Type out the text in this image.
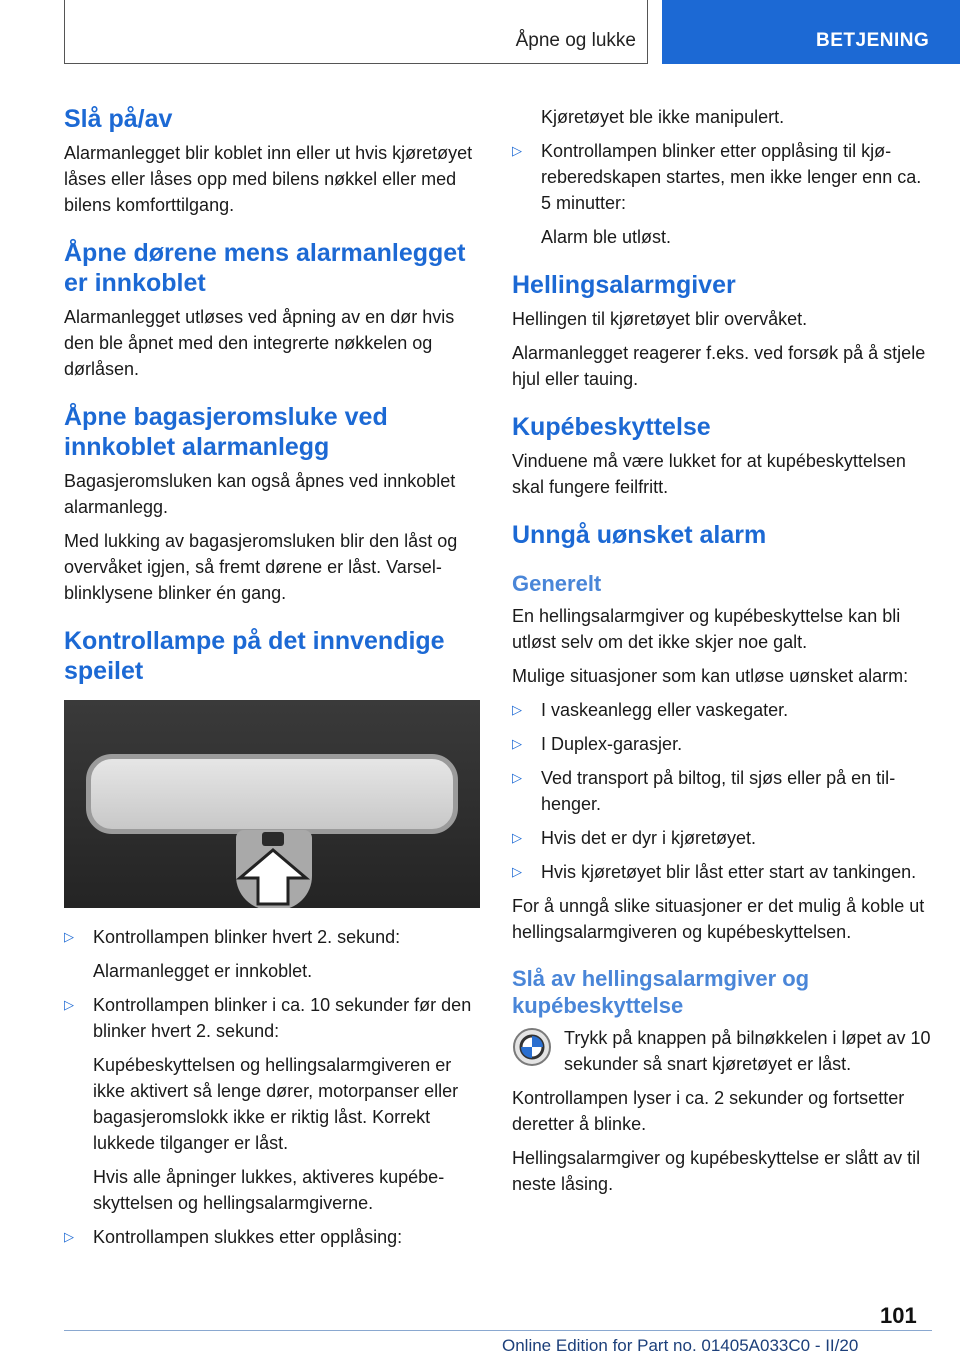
Åpne og lukke	BETJENING
Slå på/av

Alarmanlegget blir koblet inn eller ut hvis kjøretøyet låses eller låses opp med bilens nøkkel eller med bilens komforttilgang.

Åpne dørene mens alarmanlegget er innkoblet

Alarmanlegget utløses ved åpning av en dør hvis den ble åpnet med den integrerte nøkkelen og dørlåsen.

Åpne bagasjeromsluke ved innkoblet alarmanlegg

Bagasjeromsluken kan også åpnes ved innkoblet alarmanlegg.

Med lukking av bagasjeromsluken blir den låst og overvåket igjen, så fremt dørene er låst. Varselblinklysene blinker én gang.

Kontrollampe på det innvendige speilet
▷ Kontrollampen blinker hvert 2. sekund:
Alarmanlegget er innkoblet.
▷ Kontrollampen blinker i ca. 10 sekunder før den blinker hvert 2. sekund:
Kupébeskyttelsen og hellingsalarmgiveren er ikke aktivert så lenge dører, motorpanser eller bagasjeromslokk ikke er riktig låst. Korrekt lukkede tilganger er låst.
Hvis alle åpninger lukkes, aktiveres kupébeskyttelsen og hellingsalarmgiverne.
▷ Kontrollampen slukkes etter opplåsing:
Kjøretøyet ble ikke manipulert.
▷ Kontrollampen blinker etter opplåsing til kjøreberedskapen startes, men ikke lenger enn ca. 5 minutter:
Alarm ble utløst.
Hellingsalarmgiver

Hellingen til kjøretøyet blir overvåket.

Alarmanlegget reagerer f.eks. ved forsøk på å stjele hjul eller tauing.

Kupébeskyttelse

Vinduene må være lukket for at kupébeskyttelsen skal fungere feilfritt.

Unngå uønsket alarm
Generelt

En hellingsalarmgiver og kupébeskyttelse kan bli utløst selv om det ikke skjer noe galt.

Mulige situasjoner som kan utløse uønsket alarm:

▷ I vaskeanlegg eller vaskegater.
▷ I Duplex-garasjer.
▷ Ved transport på biltog, til sjøs eller på en tilhenger.
▷ Hvis det er dyr i kjøretøyet.
▷ Hvis kjøretøyet blir låst etter start av tankingen.

For å unngå slike situasjoner er det mulig å koble ut hellingsalarmgiveren og kupébeskyttelsen.

Slå av hellingsalarmgiver og kupébeskyttelse
Trykk på knappen på bilnøkkelen i løpet av 10 sekunder så snart kjøretøyet er låst.

Kontrollampen lyser i ca. 2 sekunder og fortsetter deretter å blinke.

Hellingsalarmgiver og kupébeskyttelse er slått av til neste låsing.

101
Online Edition for Part no. 01405A033C0 - II/20
